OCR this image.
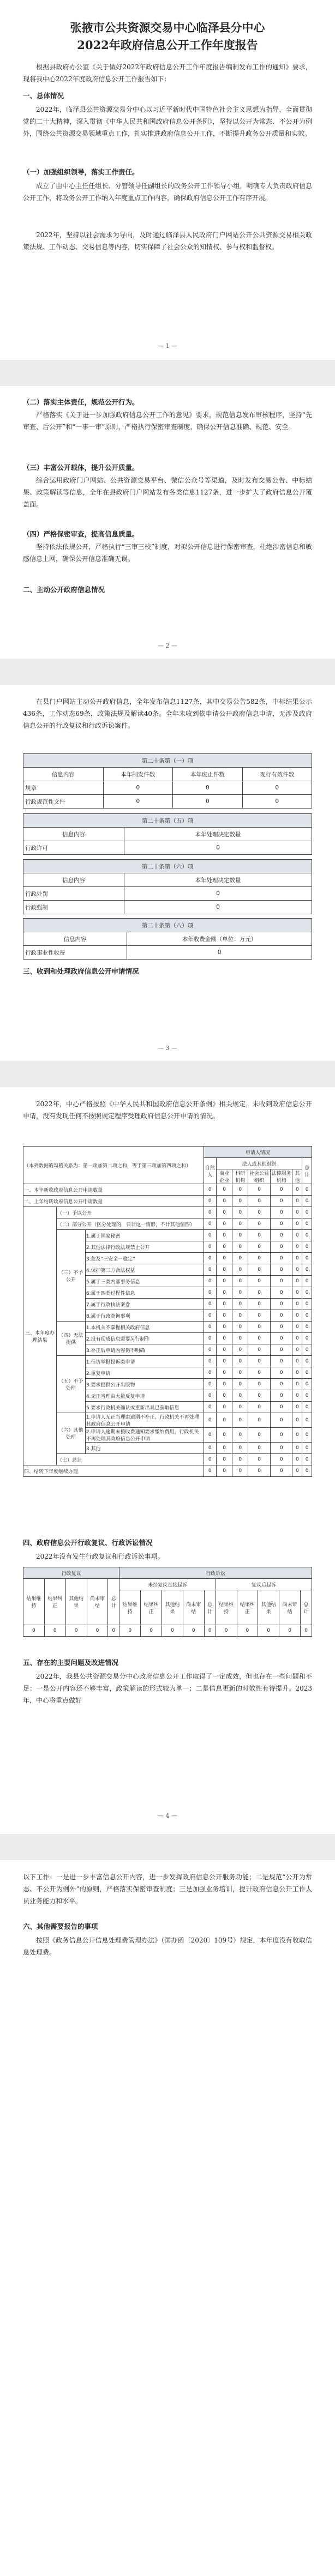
张掖市公共资源交易中心临泽县分中心
2022年政府信息公开工作年度报告
根据县政府办公室《关于做好2022年政府信息公开工作年度报告编制发布工作的通知》要求，现将我中心2022年度政府信息公开工作报告如下：
一、总体情况
2022年，临泽县公共资源交易分中心以习近平新时代中国特色社会主义思想为指导，全面贯彻党的二十大精神，深入贯彻《中华人民共和国政府信息公开条例》，坚持以公开为常态、不公开为例外，围绕公共资源交易领域重点工作，扎实推进政府信息公开工作，不断提升政务公开质量和实效。
（一）加强组织领导，落实工作责任。
成立了由中心主任任组长、分管领导任副组长的政务公开工作领导小组，明确专人负责政府信息公开工作，将政务公开工作纳入年度重点工作内容，确保政府信息公开工作有序开展。
2022年，坚持以社会需求为导向，及时通过临泽县人民政府门户网站公开公共资源交易相关政策法规、工作动态、交易信息等内容，切实保障了社会公众的知情权、参与权和监督权。
— 1 —
（二）落实主体责任，规范公开行为。
严格落实《关于进一步加强政府信息公开工作的意见》要求，规范信息发布审核程序，坚持“先审查、后公开”和“一事一审”原则，严格执行保密审查制度，确保公开信息准确、规范、安全。
（三）丰富公开载体，提升公开质量。
综合运用政府门户网站、公共资源交易平台、微信公众号等渠道，及时发布交易公告、中标结果、政策解读等信息，全年在县政府门户网站发布各类信息1127条，进一步扩大了政府信息公开覆盖面。
（四）严格保密审查，提高信息质量。
坚持依法依规公开，严格执行“三审三校”制度，对拟公开信息进行保密审查，杜绝涉密信息和敏感信息上网，确保公开信息准确无误。
二、主动公开政府信息情况
— 2 —
在县门户网站主动公开政府信息，全年发布信息1127条，其中交易公告582条，中标结果公示436条，工作动态69条，政策法规及解读40条。全年未收到依申请公开政府信息申请，无涉及政府信息公开的行政复议和行政诉讼案件。
第二十条第（一）项			
信息内容	本年制发件数	本年废止件数	现行有效件数
规章	0	0	0
行政规范性文件	0	0	0
第二十条第（五）项	
信息内容	本年处理决定数量
行政许可	0
第二十条第（六）项	
信息内容	本年处理决定数量
行政处罚	0
行政强制	0
第二十条第（八）项	
信息内容	本年收费金额（单位：万元）
行政事业性收费	0
三、收到和处理政府信息公开申请情况
— 3 —
2022年，中心严格按照《中华人民共和国政府信息公开条例》相关规定，未收到政府信息公开申请，没有发现任何不按照规定程序受理政府信息公开申请的情况。
（本列数据的勾稽关系为：第一项加第二项之和，等于第三项加第四项之和）			申请人情况						
			自然人	法人或其他组织					总计
				商业企业	科研机构	社会公益组织	法律服务机构	其他	
一、本年新收政府信息公开申请数量			0	0	0	0	0	0	0
二、上年结转政府信息公开申请数量			0	0	0	0	0	0	0
三、本年度办理结果	（一）予以公开		0	0	0	0	0	0	0
	（二）部分公开（区分处理的，只计这一情形，不计其他情形）		0	0	0	0	0	0	0
	（三）不予公开	1.属于国家秘密	0	0	0	0	0	0	0
		2.其他法律行政法规禁止公开	0	0	0	0	0	0	0
		3.危及“三安全一稳定”	0	0	0	0	0	0	0
		4.保护第三方合法权益	0	0	0	0	0	0	0
		5.属于三类内部事务信息	0	0	0	0	0	0	0
		6.属于四类过程性信息	0	0	0	0	0	0	0
		7.属于行政执法案卷	0	0	0	0	0	0	0
		8.属于行政查询事项	0	0	0	0	0	0	0
	（四）无法提供	1.本机关不掌握相关政府信息	0	0	0	0	0	0	0
		2.没有现成信息需要另行制作	0	0	0	0	0	0	0
		3.补正后申请内容仍不明确	0	0	0	0	0	0	0
	（五）不予处理	1.信访举报投诉类申请	0	0	0	0	0	0	0
		2.重复申请	0	0	0	0	0	0	0
		3.要求提供公开出版物	0	0	0	0	0	0	0
		4.无正当理由大量反复申请	0	0	0	0	0	0	0
		5.要求行政机关确认或重新出具已获取信息	0	0	0	0	0	0	0
	（六）其他处理	1.申请人无正当理由逾期不补正、行政机关不再处理其政府信息公开申请	0	0	0	0	0	0	0
		2.申请人逾期未按收费通知要求缴纳费用、行政机关不再处理其政府信息公开申请	0	0	0	0	0	0	0
		3.其他	0	0	0	0	0	0	0
	（七）总计		0	0	0	0	0	0	0
四、结转下年度继续办理			0	0	0	0	0	0	0
四、政府信息公开行政复议、行政诉讼情况
2022年没有发生行政复议和行政诉讼事项。
行政复议					行政诉讼									
结果维持	结果纠正	其他结果	尚未审结	总计	未经复议直接起诉					复议后起诉				
					结果维持	结果纠正	其他结果	尚未审结	总计	结果维持	结果纠正	其他结果	尚未审结	总计
0	0	0	0	0	0	0	0	0	0	0	0	0	0	0
五、存在的主要问题及改进情况
2022年，我县公共资源交易分中心政府信息公开工作取得了一定成效，但也存在一些问题和不足：一是公开内容还不够丰富，政策解读的形式较为单一；二是信息更新的时效性有待提升。2023年，中心将重点做好
— 4 —
以下工作：一是进一步丰富信息公开内容，进一步发挥政府信息公开服务功能；二是规范“公开为常态、不公开为例外”的原则，严格落实保密审查制度；三是加强业务培训，提升政府信息公开工作人员业务能力和水平。
六、其他需要报告的事项
按照《政务信息公开信息处理费管理办法》（国办函〔2020〕109号）规定，本年度没有收取信息处理费。
